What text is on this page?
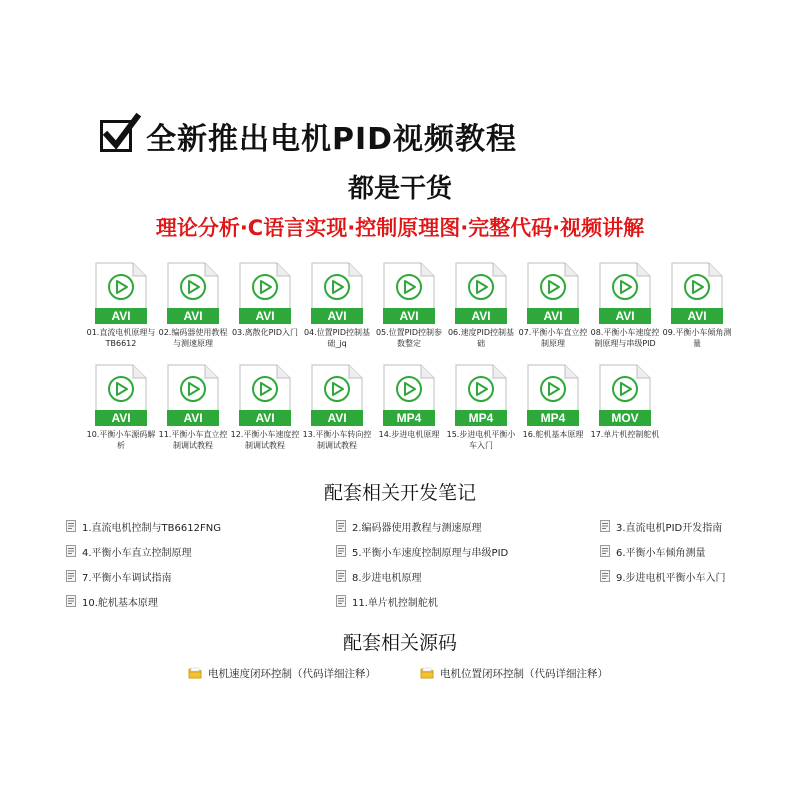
全新推出电机PID视频教程
都是干货
理论分析·C语言实现·控制原理图·完整代码·视频讲解
AVI
01.直流电机原理与TB6612
AVI
02.编码器使用教程与测速原理
AVI
03.离散化PID入门
AVI
04.位置PID控制基础_jq
AVI
05.位置PID控制参数整定
AVI
06.速度PID控制基础
AVI
07.平衡小车直立控制原理
AVI
08.平衡小车速度控制原理与串级PID
AVI
09.平衡小车倾角测量
AVI
10.平衡小车源码解析
AVI
11.平衡小车直立控制调试教程
AVI
12.平衡小车速度控制调试教程
AVI
13.平衡小车转向控制调试教程
MP4
14.步进电机原理
MP4
15.步进电机平衡小车入门
MP4
16.舵机基本原理
MOV
17.单片机控制舵机
配套相关开发笔记
1.直流电机控制与TB6612FNG	2.编码器使用教程与测速原理	3.直流电机PID开发指南
4.平衡小车直立控制原理	5.平衡小车速度控制原理与串级PID	6.平衡小车倾角测量
7.平衡小车调试指南	8.步进电机原理	9.步进电机平衡小车入门
10.舵机基本原理	11.单片机控制舵机
配套相关源码
电机速度闭环控制（代码详细注释）	电机位置闭环控制（代码详细注释）
